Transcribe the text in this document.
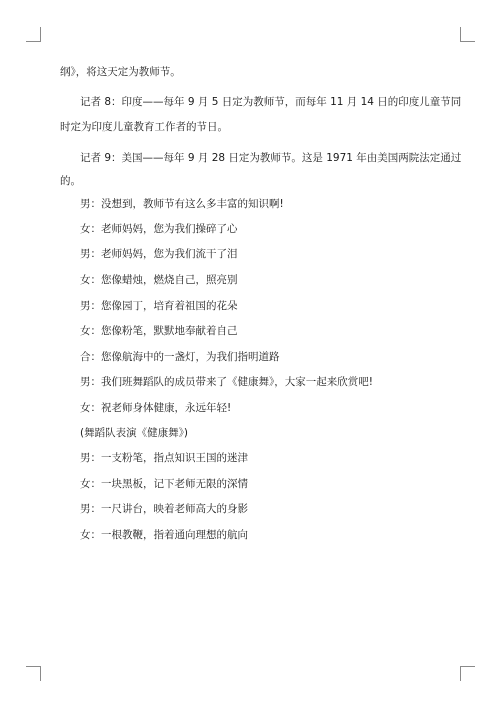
纲》，将这天定为教师节。
记者 8：印度——每年 9 月 5 日定为教师节，而每年 11 月 14 日的印度儿童节同
时定为印度儿童教育工作者的节日。
记者 9：美国——每年 9 月 28 日定为教师节。这是 1971 年由美国两院法定通过
的。
男：没想到，教师节有这么多丰富的知识啊!
女：老师妈妈，您为我们操碎了心
男：老师妈妈，您为我们流干了泪
女：您像蜡烛，燃烧自己，照亮别
男：您像园丁，培育着祖国的花朵
女：您像粉笔，默默地奉献着自己
合：您像航海中的一盏灯，为我们指明道路
男：我们班舞蹈队的成员带来了《健康舞》，大家一起来欣赏吧!
女：祝老师身体健康，永远年轻!
(舞蹈队表演《健康舞》)
男：一支粉笔，指点知识王国的迷津
女：一块黑板，记下老师无限的深情
男：一尺讲台，映着老师高大的身影
女：一根教鞭，指着通向理想的航向
